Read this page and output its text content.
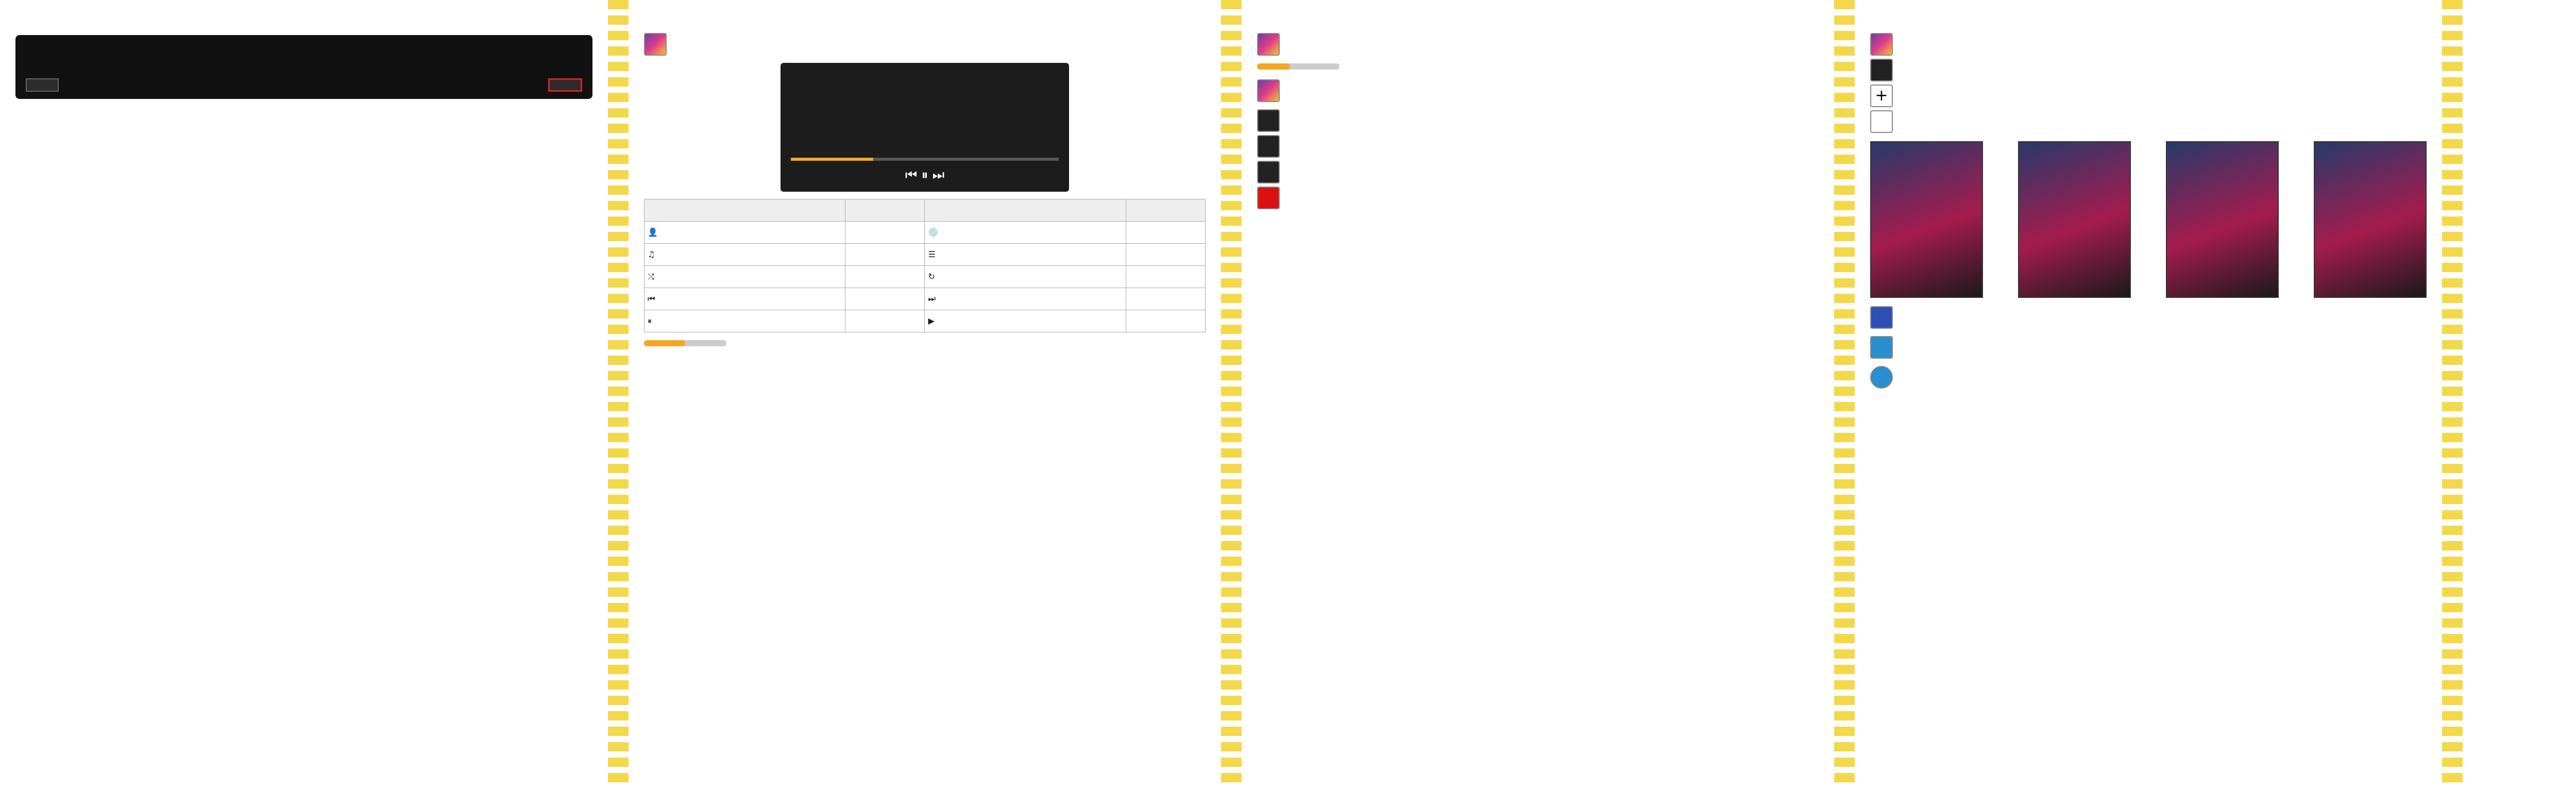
⏮ ⏸ ⏭

👤		💿	
♫		☰	
⤮		↻	
⏮		⏭	
⏸		▶	

+
